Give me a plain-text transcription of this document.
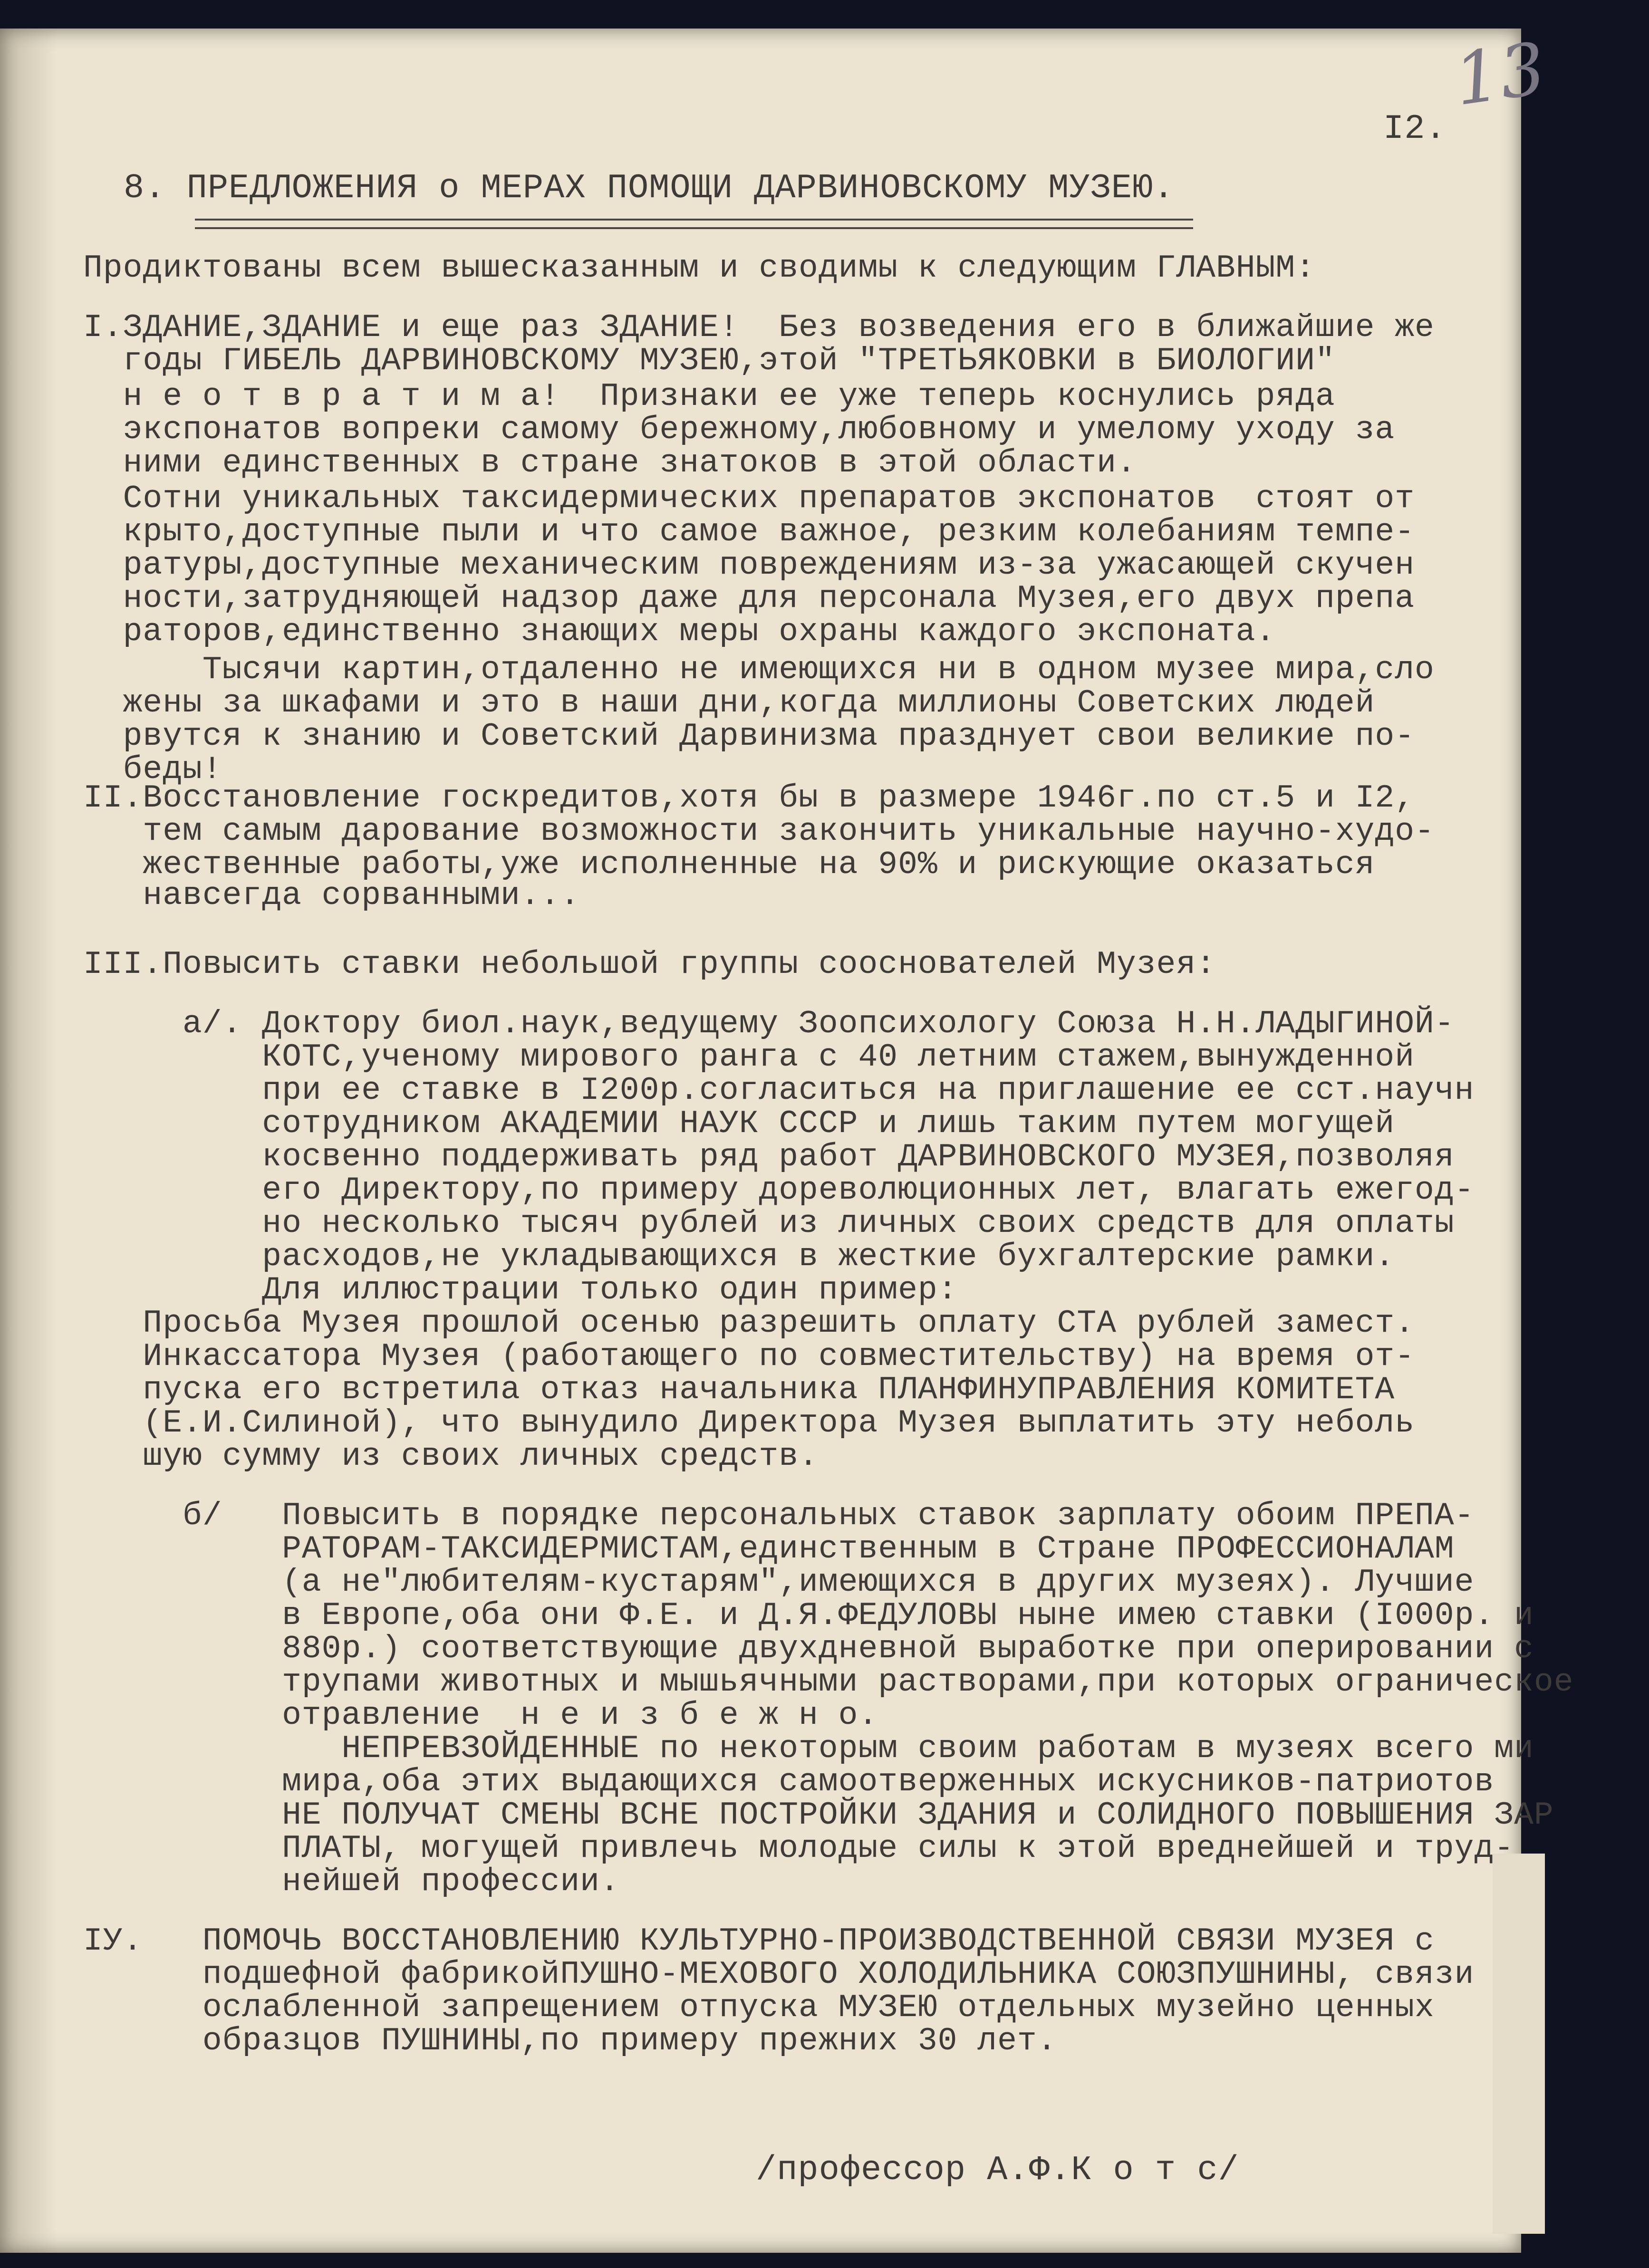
I2.
13
8. ПРЕДЛОЖЕНИЯ о МЕРАХ ПОМОЩИ ДАРВИНОВСКОМУ МУЗЕЮ.
Продиктованы всем вышесказанным и сводимы к следующим ГЛАВНЫМ:
I.ЗДАНИЕ,ЗДАНИЕ и еще раз ЗДАНИЕ!  Без возведения его в ближайшие же
годы ГИБЕЛЬ ДАРВИНОВСКОМУ МУЗЕЮ,этой "ТРЕТЬЯКОВКИ в БИОЛОГИИ"
н е о т в р а т и м а!  Признаки ее уже теперь коснулись ряда
экспонатов вопреки самому бережному,любовному и умелому уходу за
ними единственных в стране знатоков в этой области.
Сотни уникальных таксидермических препаратов экспонатов  стоят от
крыто,доступные пыли и что самое важное, резким колебаниям темпе-
ратуры,доступные механическим повреждениям из-за ужасающей скучен
ности,затрудняющей надзор даже для персонала Музея,его двух препа
раторов,единственно знающих меры охраны каждого экспоната.
Тысячи картин,отдаленно не имеющихся ни в одном музее мира,сло
жены за шкафами и это в наши дни,когда миллионы Советских людей
рвутся к знанию и Советский Дарвинизма празднует свои великие по-
беды!
II.Восстановление госкредитов,хотя бы в размере 1946г.по ст.5 и I2,
тем самым дарование возможности закончить уникальные научно-худо-
жественные работы,уже исполненные на 90% и рискующие оказаться
навсегда сорванными...
III.Повысить ставки небольшой группы сооснователей Музея:
а/. Доктору биол.наук,ведущему Зоопсихологу Союза Н.Н.ЛАДЫГИНОЙ-
КОТС,ученому мирового ранга с 40 летним стажем,вынужденной
при ее ставке в I200р.согласиться на приглашение ее сст.научн
сотрудником АКАДЕМИИ НАУК СССР и лишь таким путем могущей
косвенно поддерживать ряд работ ДАРВИНОВСКОГО МУЗЕЯ,позволяя
его Директору,по примеру дореволюционных лет, влагать ежегод-
но несколько тысяч рублей из личных своих средств для оплаты
расходов,не укладывающихся в жесткие бухгалтерские рамки.
Для иллюстрации только один пример:
Просьба Музея прошлой осенью разрешить оплату СТА рублей замест.
Инкассатора Музея (работающего по совместительству) на время от-
пуска его встретила отказ начальника ПЛАНФИНУПРАВЛЕНИЯ КОМИТЕТА
(Е.И.Силиной), что вынудило Директора Музея выплатить эту неболь
шую сумму из своих личных средств.
б/   Повысить в порядке персональных ставок зарплату обоим ПРЕПА-
РАТОРАМ-ТАКСИДЕРМИСТАМ,единственным в Стране ПРОФЕССИОНАЛАМ
(а не"любителям-кустарям",имеющихся в других музеях). Лучшие
в Европе,оба они Ф.Е. и Д.Я.ФЕДУЛОВЫ ныне имею ставки (I000р. и
880р.) соответствующие двухдневной выработке при оперировании с
трупами животных и мышьячными растворами,при которых ограническое
отравление  н е и з б е ж н о.
НЕПРЕВЗОЙДЕННЫЕ по некоторым своим работам в музеях всего ми
мира,оба этих выдающихся самоотверженных искусников-патриотов
НЕ ПОЛУЧАТ СМЕНЫ ВСНЕ ПОСТРОЙКИ ЗДАНИЯ и СОЛИДНОГО ПОВЫШЕНИЯ ЗАР
ПЛАТЫ, могущей привлечь молодые силы к этой вреднейшей и труд-
нейшей профессии.
IУ.   ПОМОЧЬ ВОССТАНОВЛЕНИЮ КУЛЬТУРНО-ПРОИЗВОДСТВЕННОЙ СВЯЗИ МУЗЕЯ с
подшефной фабрикойПУШНО-МЕХОВОГО ХОЛОДИЛЬНИКА СОЮЗПУШНИНЫ, связи
ослабленной запрещением отпуска МУЗЕЮ отдельных музейно ценных
образцов ПУШНИНЫ,по примеру прежних 30 лет.
/профессор А.Ф.К о т с/
